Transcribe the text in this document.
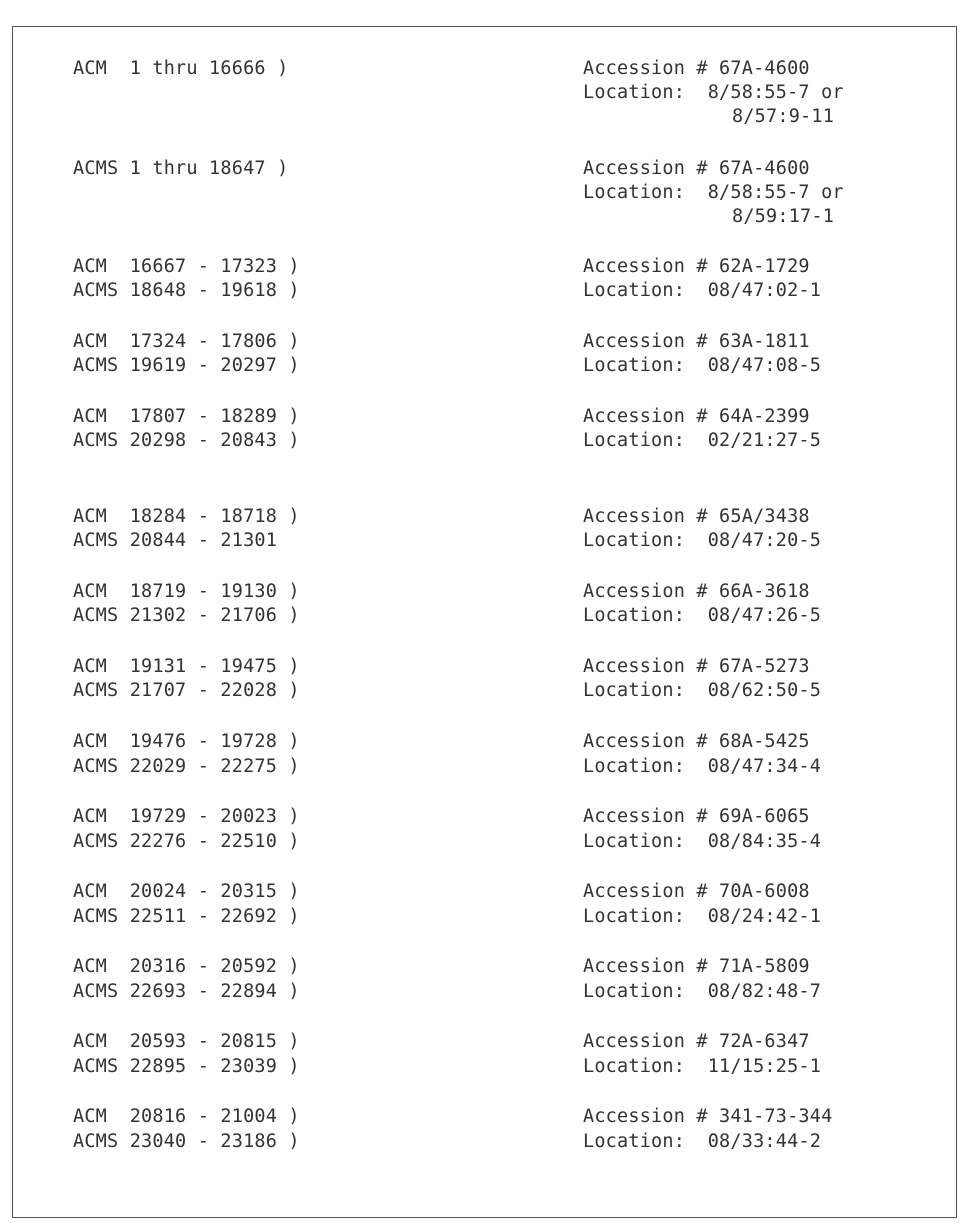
ACM  1 thru 16666 )	Accession # 67A-4600
Location:  8/58:55-7 or
8/57:9-11
ACMS 1 thru 18647 )	Accession # 67A-4600
Location:  8/58:55-7 or
8/59:17-1
ACM  16667 - 17323 )
ACMS 18648 - 19618 )
Accession # 62A-1729
Location:  08/47:02-1
ACM  17324 - 17806 )
ACMS 19619 - 20297 )
Accession # 63A-1811
Location:  08/47:08-5
ACM  17807 - 18289 )
ACMS 20298 - 20843 )
Accession # 64A-2399
Location:  02/21:27-5
ACM  18284 - 18718 )
ACMS 20844 - 21301
Accession # 65A/3438
Location:  08/47:20-5
ACM  18719 - 19130 )
ACMS 21302 - 21706 )
Accession # 66A-3618
Location:  08/47:26-5
ACM  19131 - 19475 )
ACMS 21707 - 22028 )
Accession # 67A-5273
Location:  08/62:50-5
ACM  19476 - 19728 )
ACMS 22029 - 22275 )
Accession # 68A-5425
Location:  08/47:34-4
ACM  19729 - 20023 )
ACMS 22276 - 22510 )
Accession # 69A-6065
Location:  08/84:35-4
ACM  20024 - 20315 )
ACMS 22511 - 22692 )
Accession # 70A-6008
Location:  08/24:42-1
ACM  20316 - 20592 )
ACMS 22693 - 22894 )
Accession # 71A-5809
Location:  08/82:48-7
ACM  20593 - 20815 )
ACMS 22895 - 23039 )
Accession # 72A-6347
Location:  11/15:25-1
ACM  20816 - 21004 )
ACMS 23040 - 23186 )
Accession # 341-73-344
Location:  08/33:44-2
